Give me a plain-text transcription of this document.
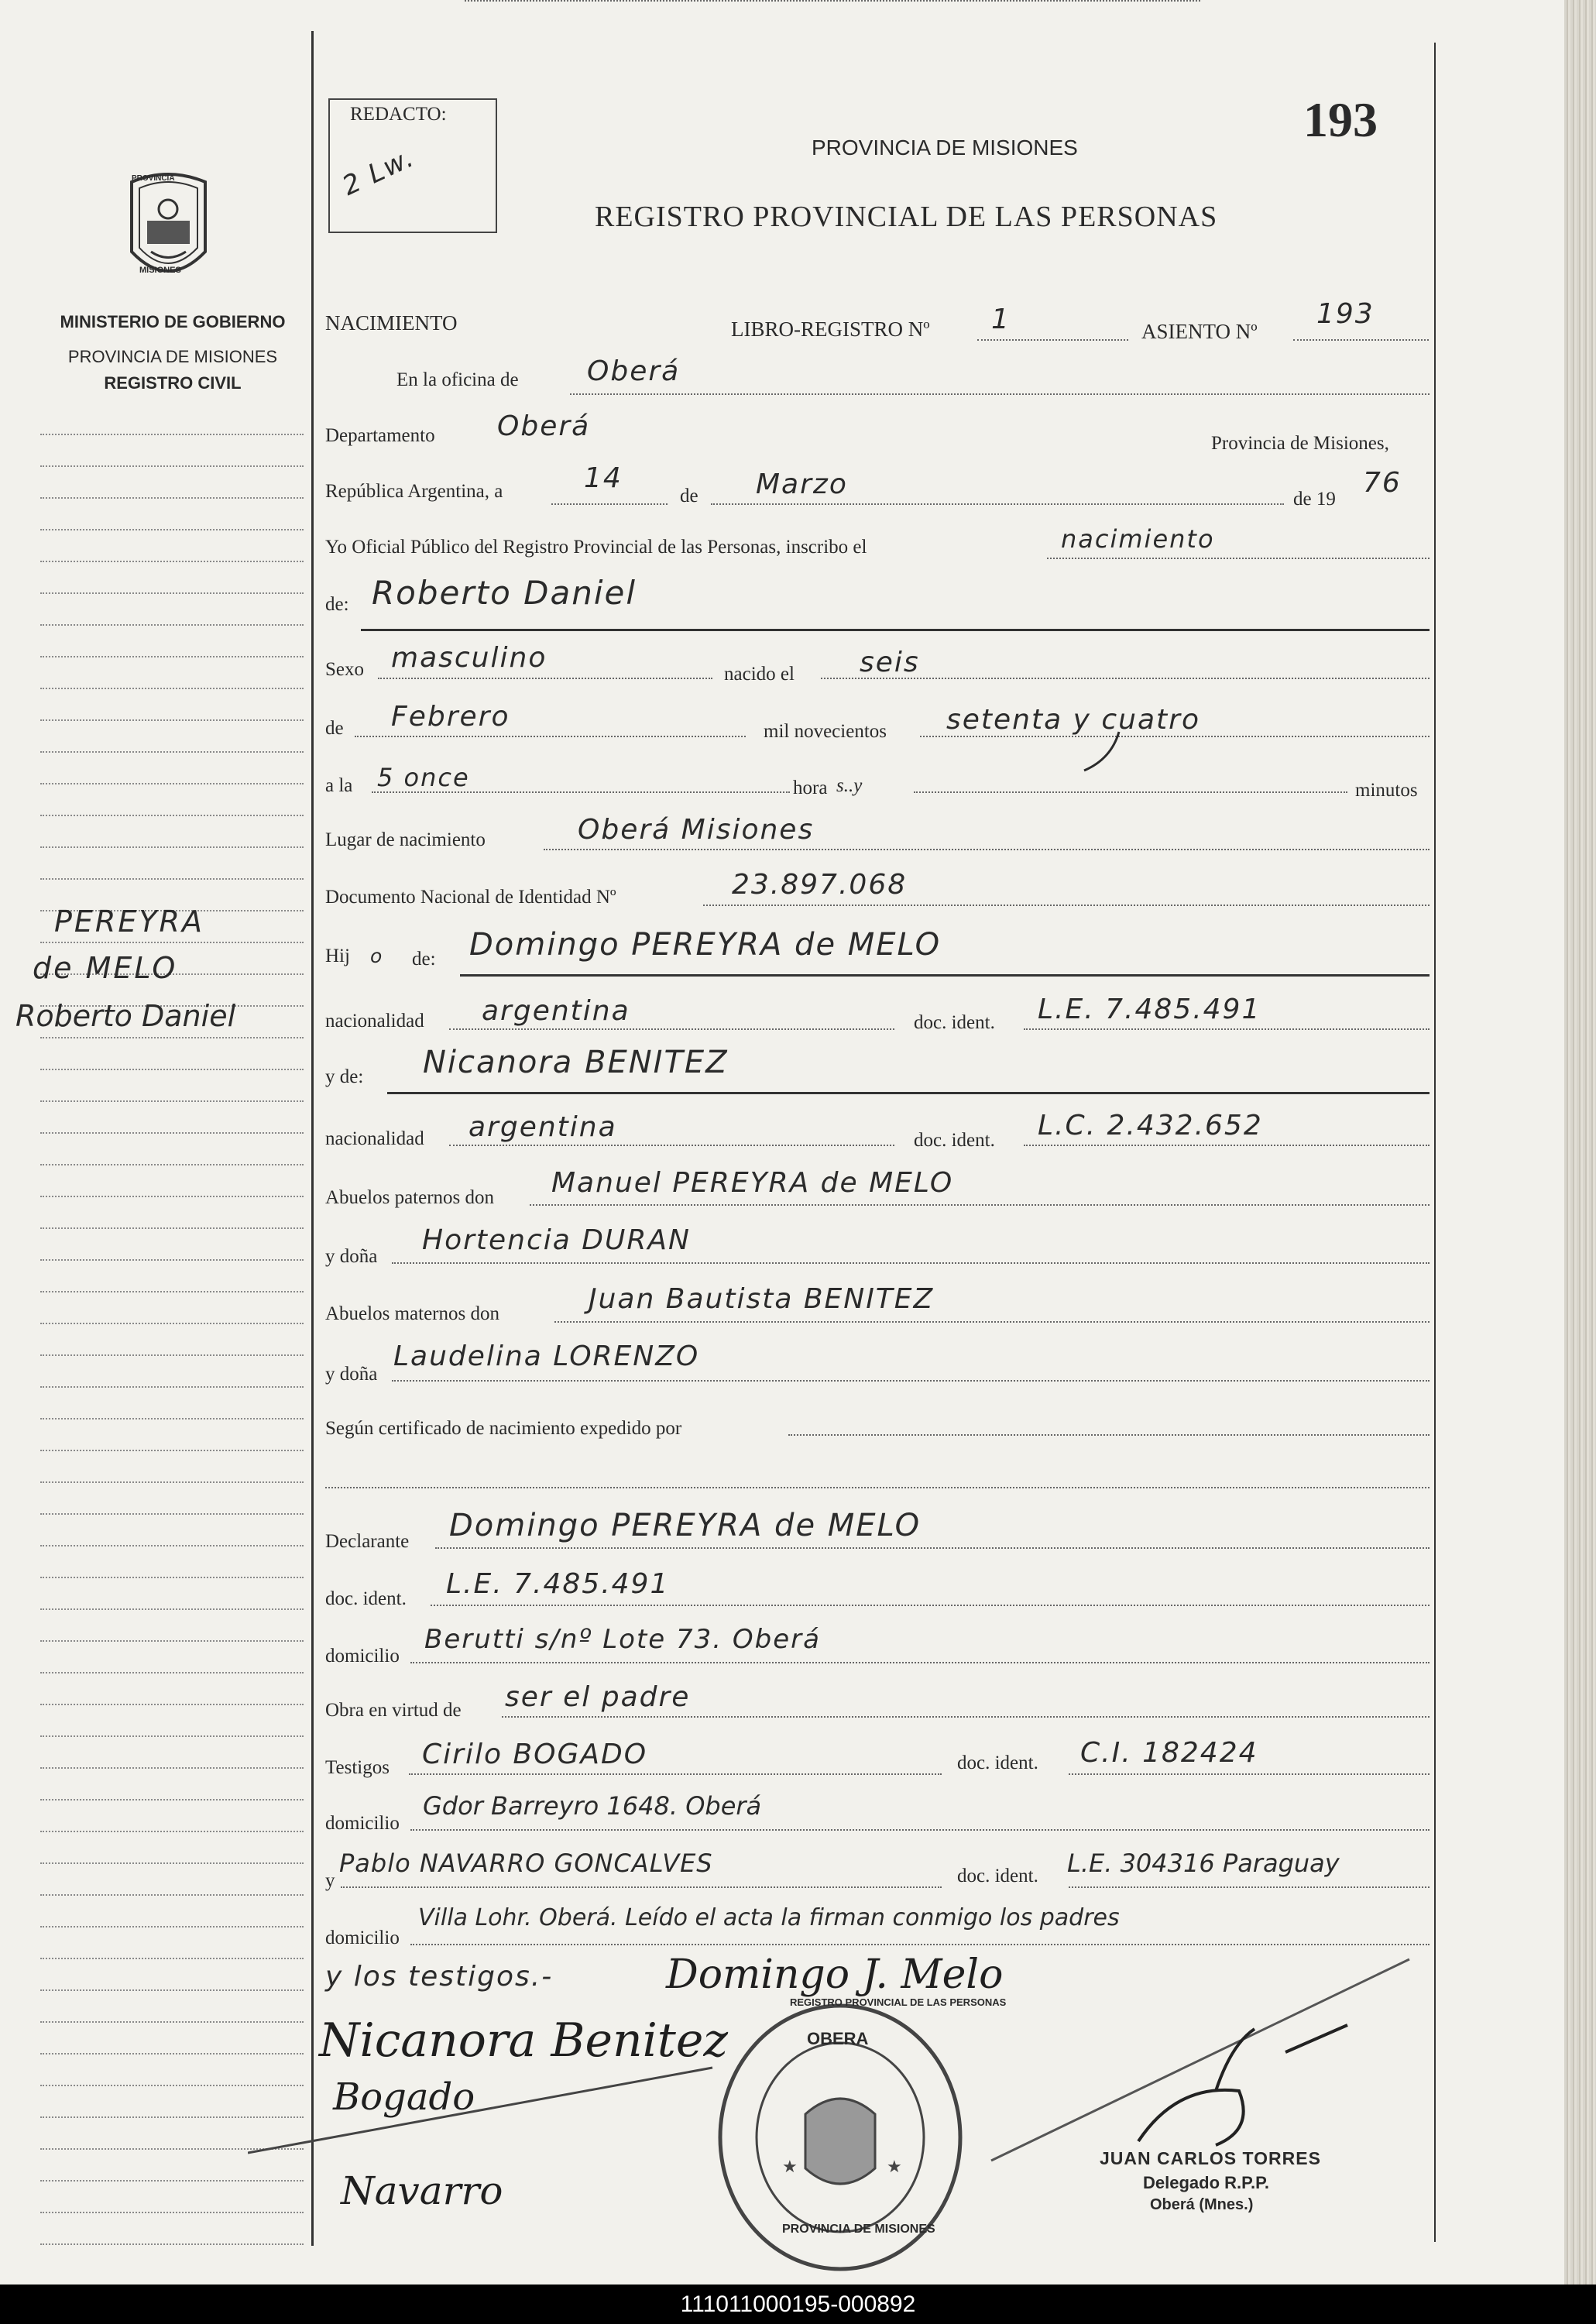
PROVINCIA
MISIONES
MINISTERIO DE GOBIERNO
PROVINCIA DE MISIONES
REGISTRO CIVIL
PEREYRA
de MELO
Roberto Daniel
REDACTO:
2 Lw.
193
PROVINCIA DE MISIONES
REGISTRO PROVINCIAL DE LAS PERSONAS
NACIMIENTO	LIBRO-REGISTRO Nº 1	ASIENTO Nº
193
En la oficina de Oberá
Departamento Oberá
Provincia de Misiones,
República Argentina, a	14
de Marzo	de 19
76
Yo Oficial Público del Registro Provincial de las Personas, inscribo el	nacimiento
de: Roberto Daniel
Sexo masculino
nacido el seis
de Febrero	mil novecientos setenta y cuatro
a la 5 once	hora s..y	minutos
Lugar de nacimiento	Oberá Misiones
Documento Nacional de Identidad Nº	23.897.068
Hij o de: Domingo PEREYRA de MELO
nacionalidad argentina	doc. ident. L.E. 7.485.491
y de: Nicanora BENITEZ
nacionalidad argentina	doc. ident. L.C. 2.432.652
Abuelos paternos don Manuel PEREYRA de MELO
y doña
Hortencia DURAN
Abuelos maternos don	Juan Bautista BENITEZ
y doña
Laudelina LORENZO
Según certificado de nacimiento expedido por
Declarante Domingo PEREYRA de MELO
doc. ident. L.E. 7.485.491
domicilio
Berutti s/nº Lote 73. Oberá
Obra en virtud de ser el padre
Testigos Cirilo BOGADO	doc. ident. C.I. 182424
domicilio
Gdor Barreyro 1648. Oberá
y
Pablo NAVARRO GONCALVES	doc. ident. L.E. 304316 Paraguay
domicilio
Villa Lohr. Oberá. Leído el acta la firman conmigo los padres
y los testigos.-	Domingo J. Melo
Nicanora Benitez
Bogado
Navarro
★	★
OBERA
REGISTRO PROVINCIAL DE LAS PERSONAS
PROVINCIA DE MISIONES
JUAN CARLOS TORRES
Delegado R.P.P.
Oberá (Mnes.)
111011000195-000892
